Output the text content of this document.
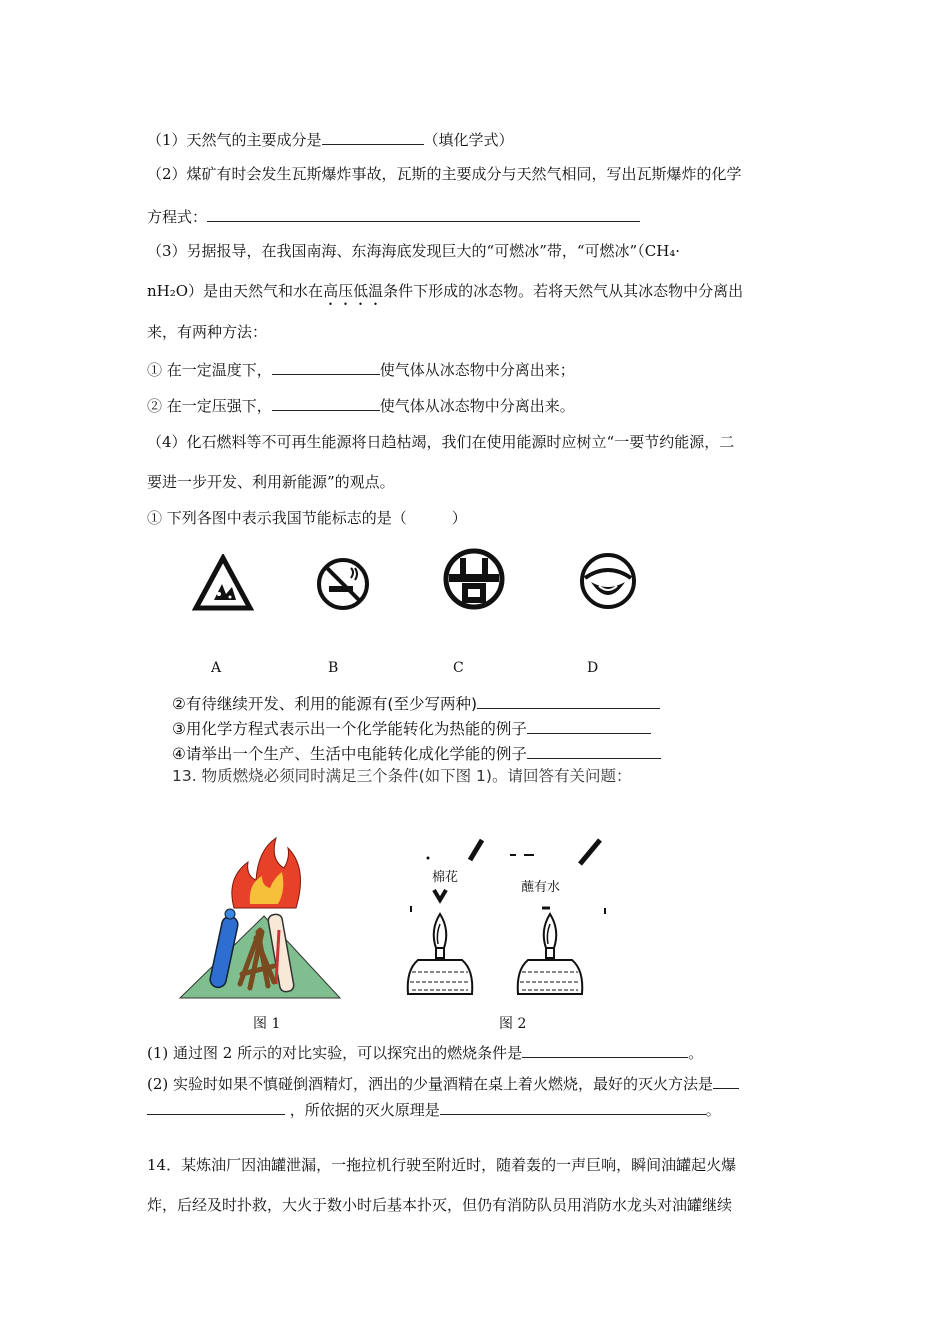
（1）天然气的主要成分是	（填化学式）
（2）煤矿有时会发生瓦斯爆炸事故，瓦斯的主要成分与天然气相同，写出瓦斯爆炸的化学
方程式：
（3）另据报导，在我国南海、东海海底发现巨大的“可燃冰”带，“可燃冰”（CH₄·
nH₂O）是由天然气和水在高压低温条件下形成的冰态物。若将天然气从其冰态物中分离出
来，有两种方法：
① 在一定温度下，	使气体从冰态物中分离出来；
② 在一定压强下，	使气体从冰态物中分离出来。
（4）化石燃料等不可再生能源将日趋枯竭，我们在使用能源时应树立“一要节约能源，二
要进一步开发、利用新能源”的观点。
① 下列各图中表示我国节能标志的是（　　　）
A	B	C	D
②有待继续开发、利用的能源有(至少写两种)
③用化学方程式表示出一个化学能转化为热能的例子
④请举出一个生产、生活中电能转化成化学能的例子
13. 物质燃烧必须同时满足三个条件(如下图 1)。请回答有关问题：
棉花
蘸有水
图 1	图 2
(1) 通过图 2 所示的对比实验，可以探究出的燃烧条件是	。
(2) 实验时如果不慎碰倒酒精灯，洒出的少量酒精在桌上着火燃烧，最好的灭火方法是
，所依据的灭火原理是	。
14．某炼油厂因油罐泄漏，一拖拉机行驶至附近时，随着轰的一声巨响，瞬间油罐起火爆
炸，后经及时扑救，大火于数小时后基本扑灭，但仍有消防队员用消防水龙头对油罐继续
